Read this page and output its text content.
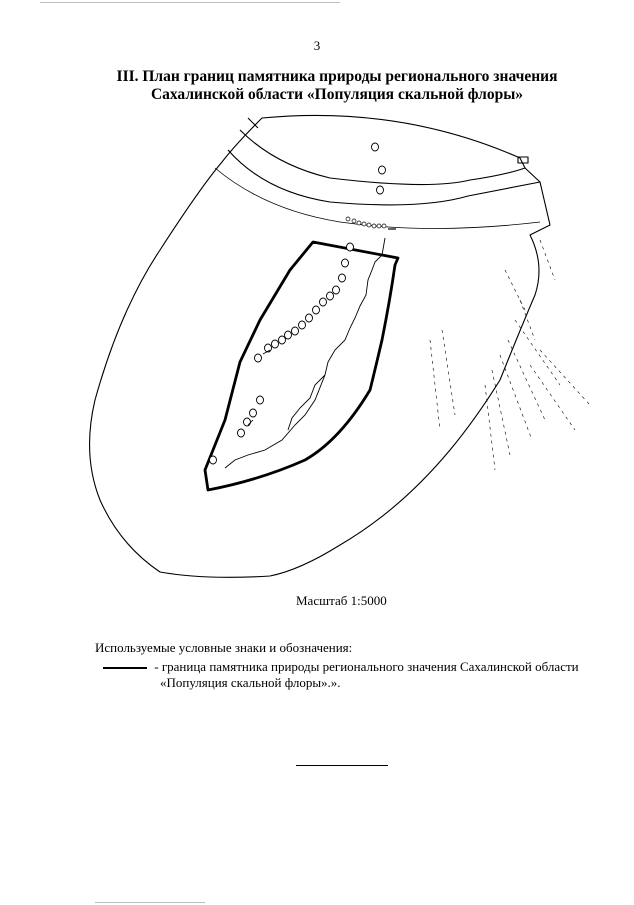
3
III. План границ памятника природы регионального значения
Сахалинской области «Популяция скальной флоры»
Масштаб 1:5000
Используемые условные знаки и обозначения:
- граница памятника природы регионального значения Сахалинской области
«Популяция скальной флоры».».
